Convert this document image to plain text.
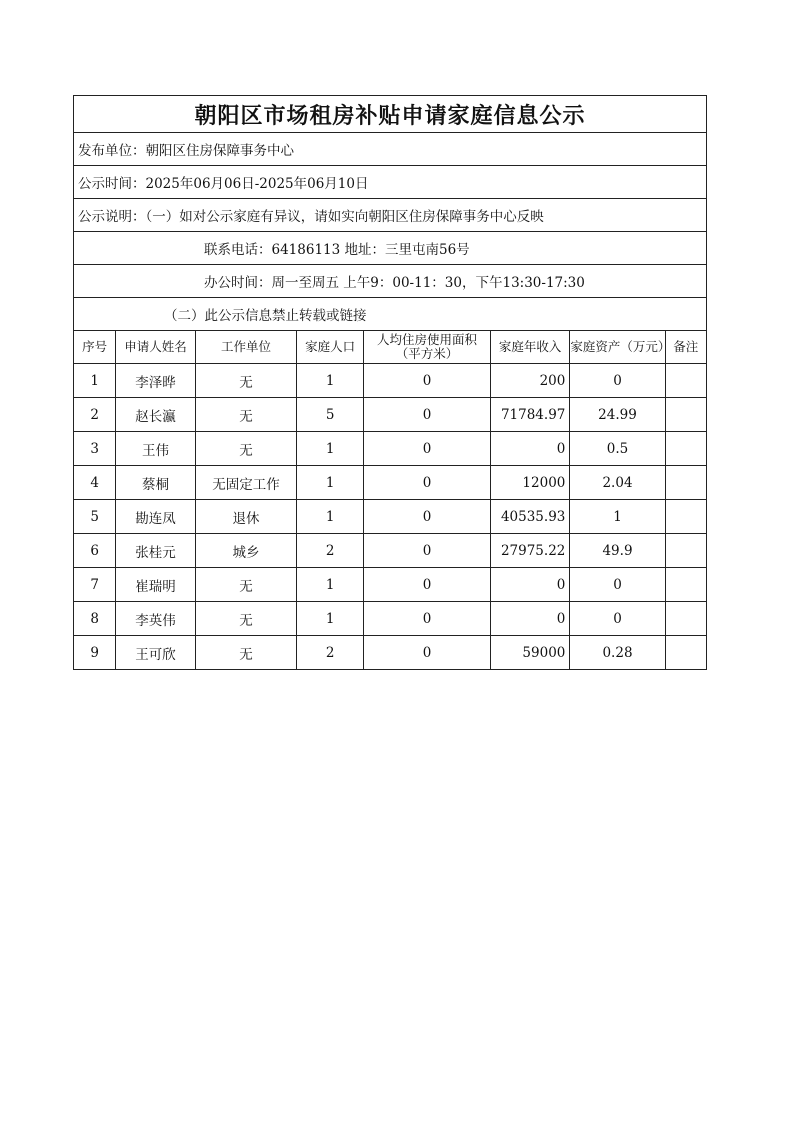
朝阳区市场租房补贴申请家庭信息公示							
发布单位：朝阳区住房保障事务中心							
公示时间：2025年06月06日-2025年06月10日							
公示说明：（一）如对公示家庭有异议，请如实向朝阳区住房保障事务中心反映							
联系电话：64186113 地址：三里屯南56号							
办公时间：周一至周五 上午9：00-11：30，下午13:30-17:30							
（二）此公示信息禁止转载或链接							
序号	申请人姓名	工作单位	家庭人口	人均住房使用面积
（平方米）	家庭年收入	家庭资产（万元）	备注
1	李泽晔	无	1	0	200	0	
2	赵长瀛	无	5	0	71784.97	24.99	
3	王伟	无	1	0	0	0.5	
4	蔡桐	无固定工作	1	0	12000	2.04	
5	勘连凤	退休	1	0	40535.93	1	
6	张桂元	城乡	2	0	27975.22	49.9	
7	崔瑞明	无	1	0	0	0	
8	李英伟	无	1	0	0	0	
9	王可欣	无	2	0	59000	0.28	
